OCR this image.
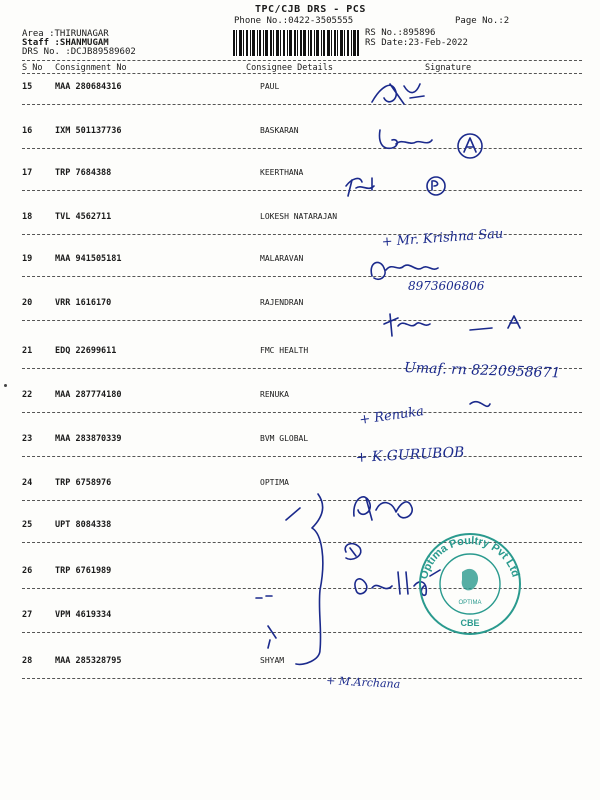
TPC/CJB DRS - PCS
Phone No.:0422-3505555	Page No.:2
RS No.:895896
RS Date:23-Feb-2022
Area :THIRUNAGAR
Staff :SHANMUGAM
DRS No. :DCJB89589602
S No Consignment No	Consignee Details	Signature
15	MAA 280684316	PAUL
16	IXM 501137736	BASKARAN
17	TRP 7684388	KEERTHANA
18	TVL 4562711	LOKESH NATARAJAN
19	MAA 941505181	MALARAVAN
20	VRR 1616170	RAJENDRAN
21	EDQ 22699611	FMC HEALTH
22	MAA 287774180	RENUKA
23	MAA 283870339	BVM GLOBAL
24	TRP 6758976	OPTIMA
25	UPT 8084338
26	TRP 6761989
27	VPM 4619334
28	MAA 285328795	SHYAM
+ Mr. Krishna Sau
8973606806
Umaf. rn 8220958671
+ Renuka
+ K.GURUBOB
+ M.Archana
Optima Poultry Pvt Ltd
OPTIMA
CBE
